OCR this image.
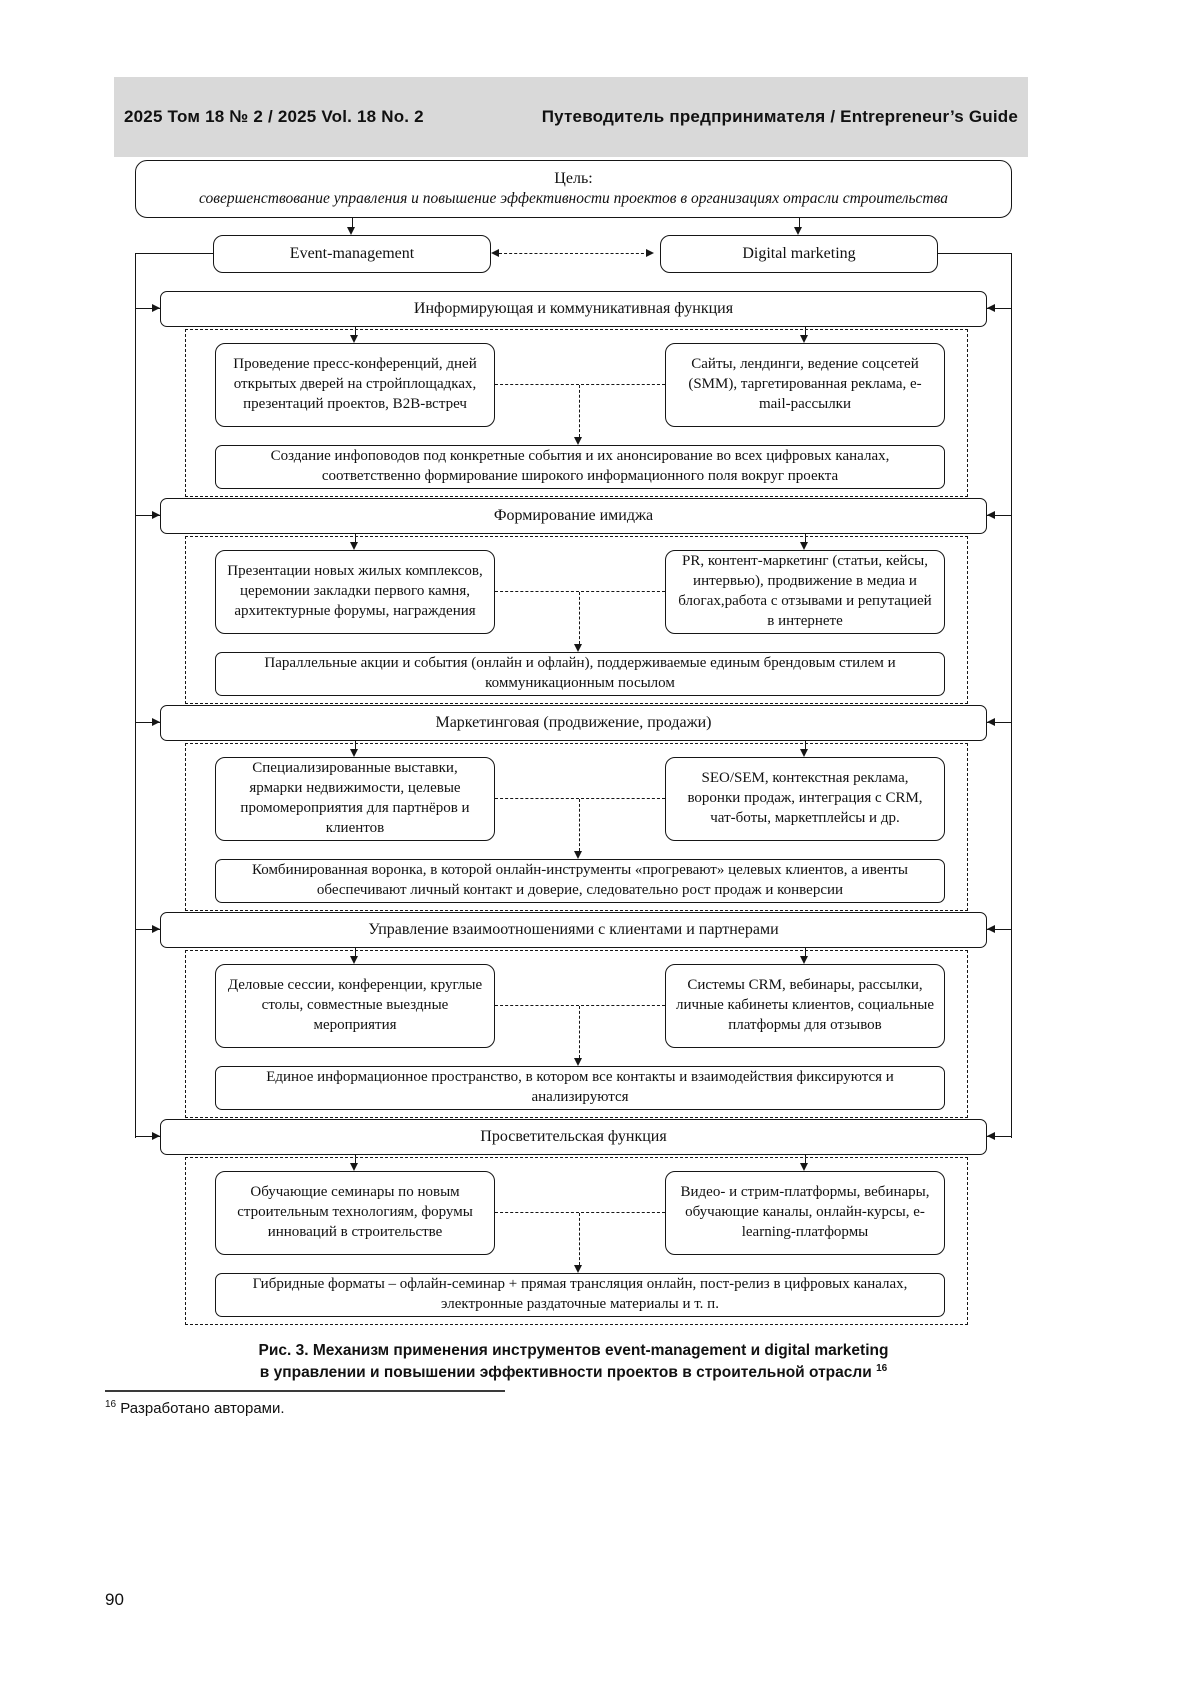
2025 Том 18 № 2 / 2025 Vol. 18 No. 2	Путеводитель предпринимателя / Entrepreneur’s Guide
Цель:
совершенствование управления и повышение эффективности проектов в организациях отрасли строительства
Event-management	Digital marketing
Информирующая и коммуникативная функция
Проведение пресс-конференций, дней открытых дверей на стройплощадках, презентаций проектов, B2B-встреч
Сайты, лендинги, ведение соцсетей (SMM), таргетированная реклама, e-mail-рассылки
Создание инфоповодов под конкретные события и их анонсирование во всех цифровых каналах, соответственно формирование широкого информационного поля вокруг проекта
Формирование имиджа
Презентации новых жилых комплексов, церемонии закладки первого камня, архитектурные форумы, награждения
PR, контент-маркетинг (статьи, кейсы, интервью), продвижение в медиа и блогах,работа с отзывами и репутацией в интернете
Параллельные акции и события (онлайн и офлайн), поддерживаемые единым брендовым стилем и коммуникационным посылом
Маркетинговая (продвижение, продажи)
Специализированные выставки, ярмарки недвижимости, целевые промомероприятия для партнёров и клиентов
SEO/SEM, контекстная реклама, воронки продаж, интеграция с CRM, чат-боты, маркетплейсы и др.
Комбинированная воронка, в которой онлайн-инструменты «прогревают» целевых клиентов, а ивенты обеспечивают личный контакт и доверие, следовательно рост продаж и конверсии
Управление взаимоотношениями с клиентами и партнерами
Деловые сессии, конференции, круглые столы, совместные выездные мероприятия
Системы CRM, вебинары, рассылки, личные кабинеты клиентов, социальные платформы для отзывов
Единое информационное пространство, в котором все контакты и взаимодействия фиксируются и анализируются
Просветительская функция
Обучающие семинары по новым строительным технологиям, форумы инноваций в строительстве
Видео- и стрим-платформы, вебинары, обучающие каналы, онлайн-курсы, e-learning-платформы
Гибридные форматы – офлайн-семинар + прямая трансляция онлайн, пост-релиз в цифровых каналах, электронные раздаточные материалы и т. п.
Рис. 3. Механизм применения инструментов event-management и digital marketing
в управлении и повышении эффективности проектов в строительной отрасли $^{16}$
$^{16}$ Разработано авторами.
90
